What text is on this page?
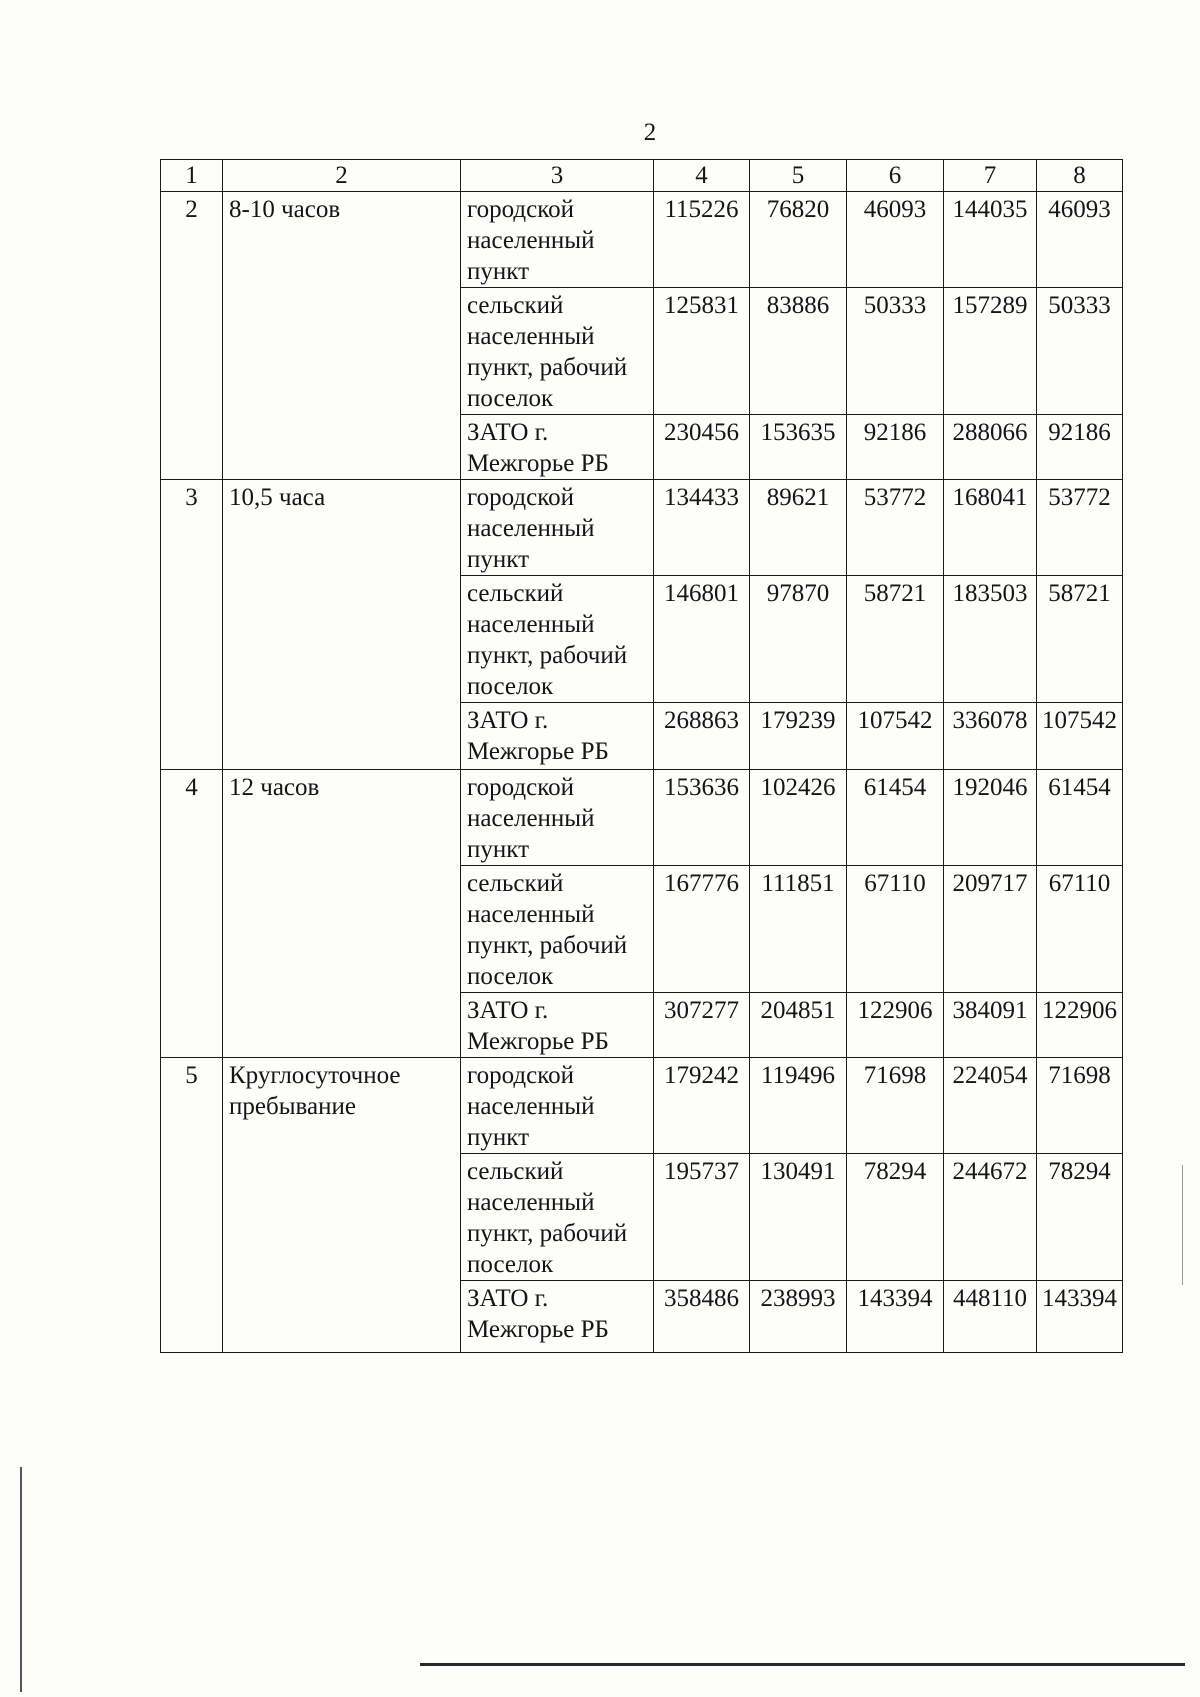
2
1	2	3	4	5	6	7	8
2	8-10 часов	городской населенный пункт	115226	76820	46093	144035	46093
		сельский населенный пункт, рабочий поселок	125831	83886	50333	157289	50333
		ЗАТО г. Межгорье РБ	230456	153635	92186	288066	92186
3	10,5 часа	городской населенный пункт	134433	89621	53772	168041	53772
		сельский населенный пункт, рабочий поселок	146801	97870	58721	183503	58721
		ЗАТО г. Межгорье РБ	268863	179239	107542	336078	107542
4	12 часов	городской населенный пункт	153636	102426	61454	192046	61454
		сельский населенный пункт, рабочий поселок	167776	111851	67110	209717	67110
		ЗАТО г. Межгорье РБ	307277	204851	122906	384091	122906
5	Круглосуточное пребывание	городской населенный пункт	179242	119496	71698	224054	71698
		сельский населенный пункт, рабочий поселок	195737	130491	78294	244672	78294
		ЗАТО г. Межгорье РБ	358486	238993	143394	448110	143394
